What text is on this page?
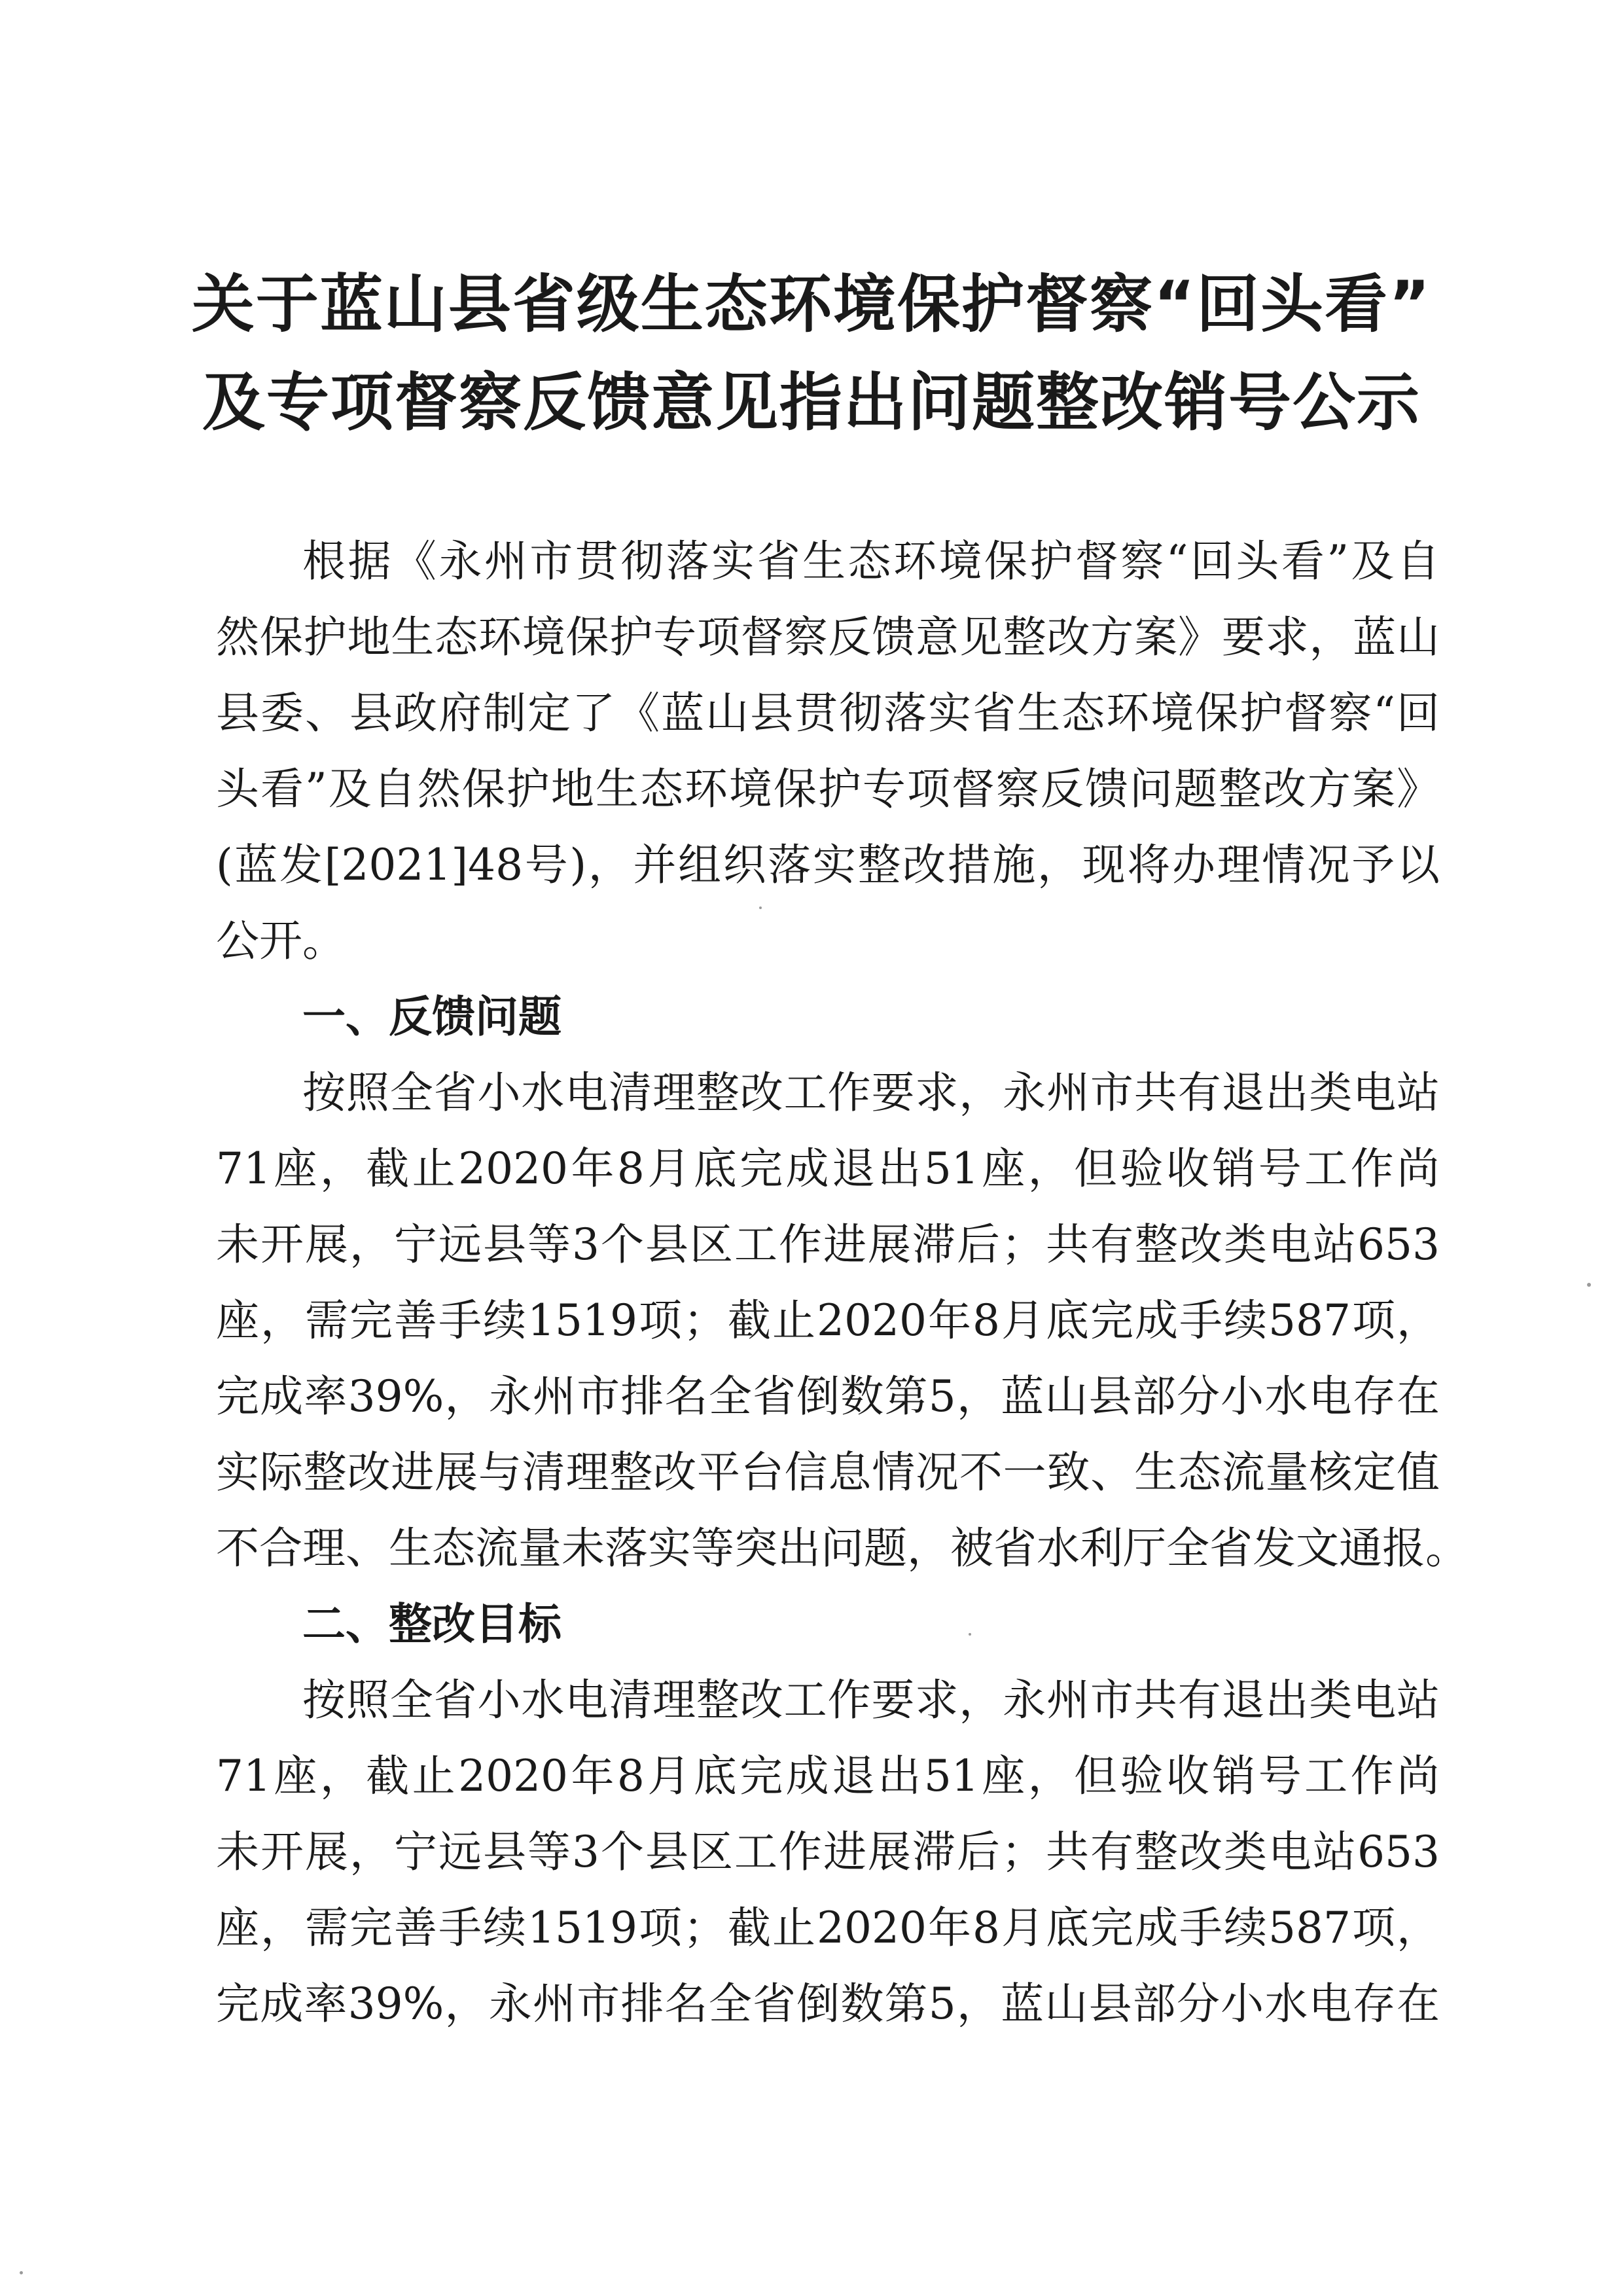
关于蓝山县省级生态环境保护督察“回头看”
及专项督察反馈意见指出问题整改销号公示

根据《永州市贯彻落实省生态环境保护督察“回头看”及自

然保护地生态环境保护专项督察反馈意见整改方案》要求，蓝山

县委、县政府制定了《蓝山县贯彻落实省生态环境保护督察“回

头看”及自然保护地生态环境保护专项督察反馈问题整改方案》

(蓝发[2021]48号)，并组织落实整改措施，现将办理情况予以

公开。

一、反馈问题

按照全省小水电清理整改工作要求，永州市共有退出类电站

71座，截止2020年8月底完成退出51座，但验收销号工作尚

未开展，宁远县等3个县区工作进展滞后；共有整改类电站653

座，需完善手续1519项；截止2020年8月底完成手续587项，

完成率39%，永州市排名全省倒数第5，蓝山县部分小水电存在

实际整改进展与清理整改平台信息情况不一致、生态流量核定值

不合理、生态流量未落实等突出问题，被省水利厅全省发文通报。

二、整改目标

按照全省小水电清理整改工作要求，永州市共有退出类电站

71座，截止2020年8月底完成退出51座，但验收销号工作尚

未开展，宁远县等3个县区工作进展滞后；共有整改类电站653

座，需完善手续1519项；截止2020年8月底完成手续587项，

完成率39%，永州市排名全省倒数第5，蓝山县部分小水电存在
